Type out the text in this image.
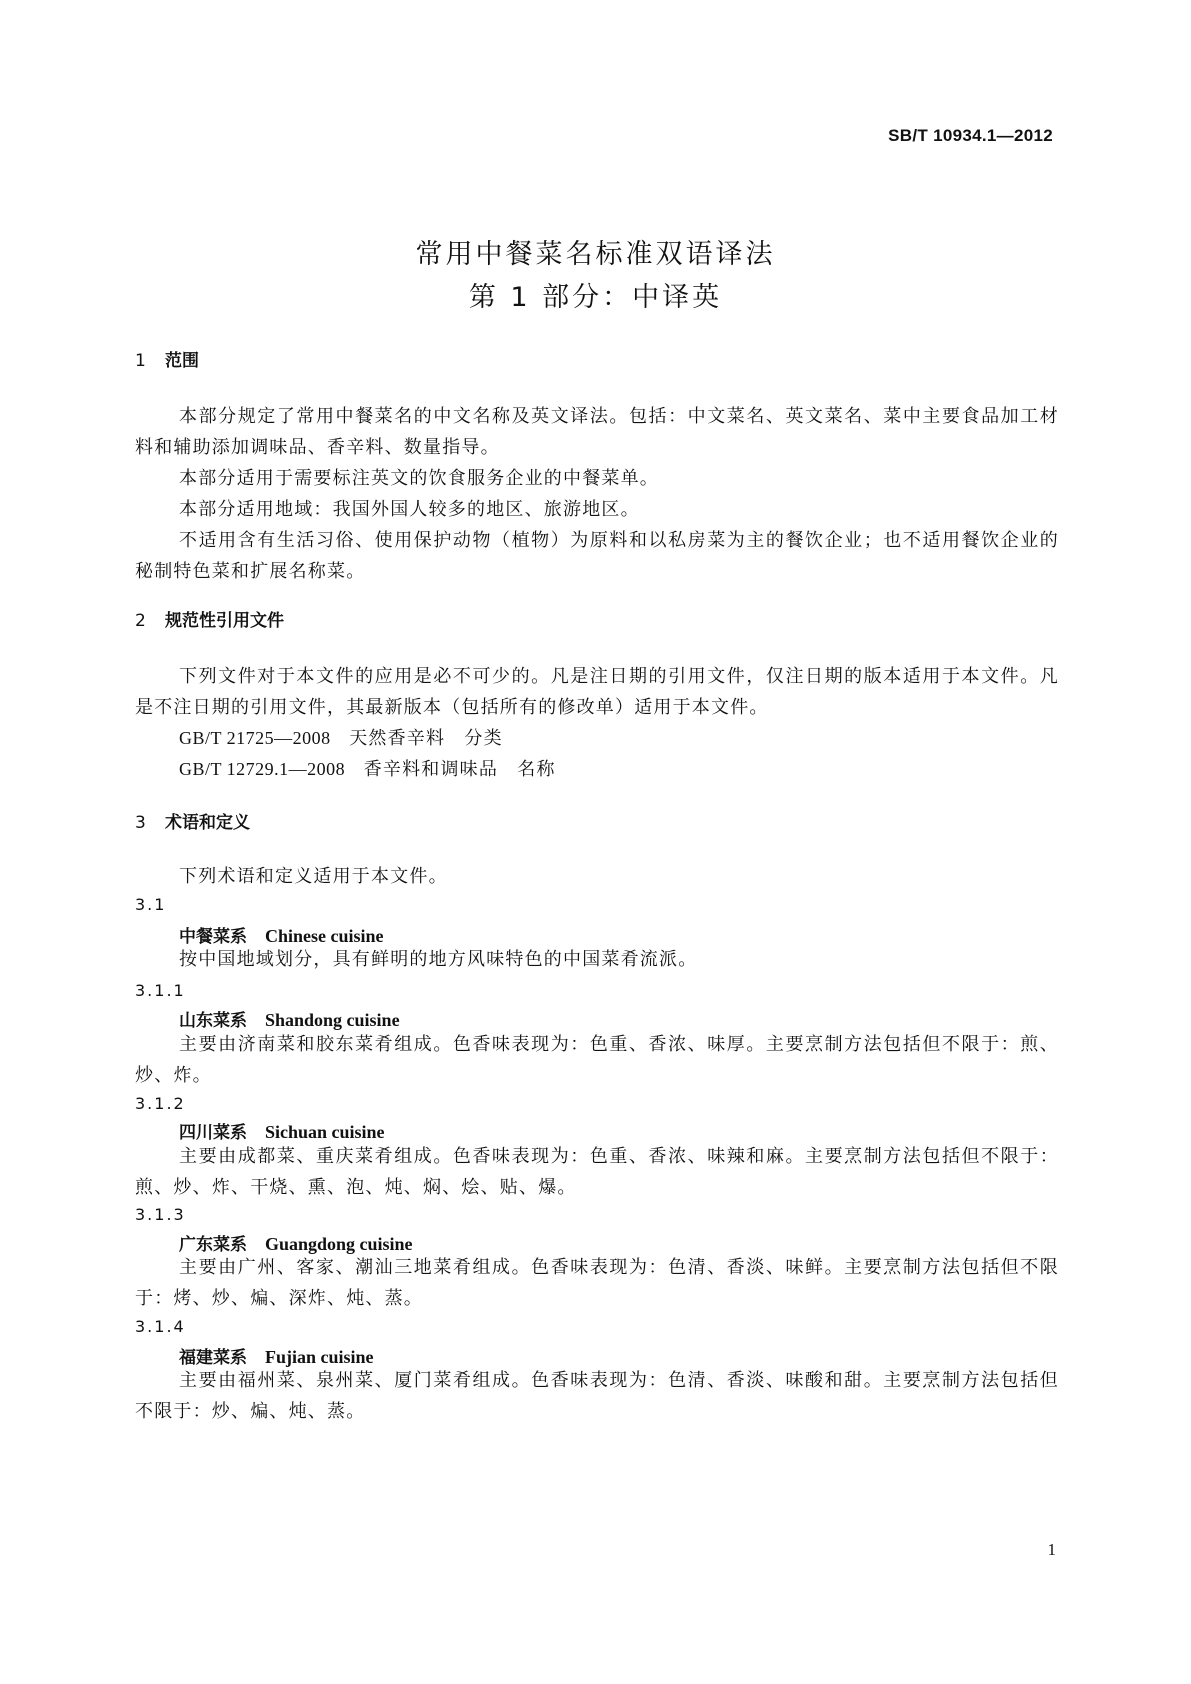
SB/T 10934.1—2012
常用中餐菜名标准双语译法
第 1 部分：中译英
1 范围
本部分规定了常用中餐菜名的中文名称及英文译法。包括：中文菜名、英文菜名、菜中主要食品加工材料和辅助添加调味品、香辛料、数量指导。
本部分适用于需要标注英文的饮食服务企业的中餐菜单。
本部分适用地域：我国外国人较多的地区、旅游地区。
不适用含有生活习俗、使用保护动物（植物）为原料和以私房菜为主的餐饮企业；也不适用餐饮企业的秘制特色菜和扩展名称菜。
2 规范性引用文件
下列文件对于本文件的应用是必不可少的。凡是注日期的引用文件，仅注日期的版本适用于本文件。凡是不注日期的引用文件，其最新版本（包括所有的修改单）适用于本文件。
GB/T 21725—2008　 天然香辛料　分类
GB/T 12729.1—2008　 香辛料和调味品　名称
3 术语和定义
下列术语和定义适用于本文件。
3.1
中餐菜系 Chinese cuisine
按中国地域划分，具有鲜明的地方风味特色的中国菜肴流派。
3.1.1
山东菜系 Shandong cuisine
主要由济南菜和胶东菜肴组成。色香味表现为：色重、香浓、味厚。主要烹制方法包括但不限于：煎、炒、炸。
3.1.2
四川菜系 Sichuan cuisine
主要由成都菜、重庆菜肴组成。色香味表现为：色重、香浓、味辣和麻。主要烹制方法包括但不限于：煎、炒、炸、干烧、熏、泡、炖、焖、烩、贴、爆。
3.1.3
广东菜系 Guangdong cuisine
主要由广州、客家、潮汕三地菜肴组成。色香味表现为：色清、香淡、味鲜。主要烹制方法包括但不限于：烤、炒、煸、深炸、炖、蒸。
3.1.4
福建菜系 Fujian cuisine
主要由福州菜、泉州菜、厦门菜肴组成。色香味表现为：色清、香淡、味酸和甜。主要烹制方法包括但不限于：炒、煸、炖、蒸。
1
